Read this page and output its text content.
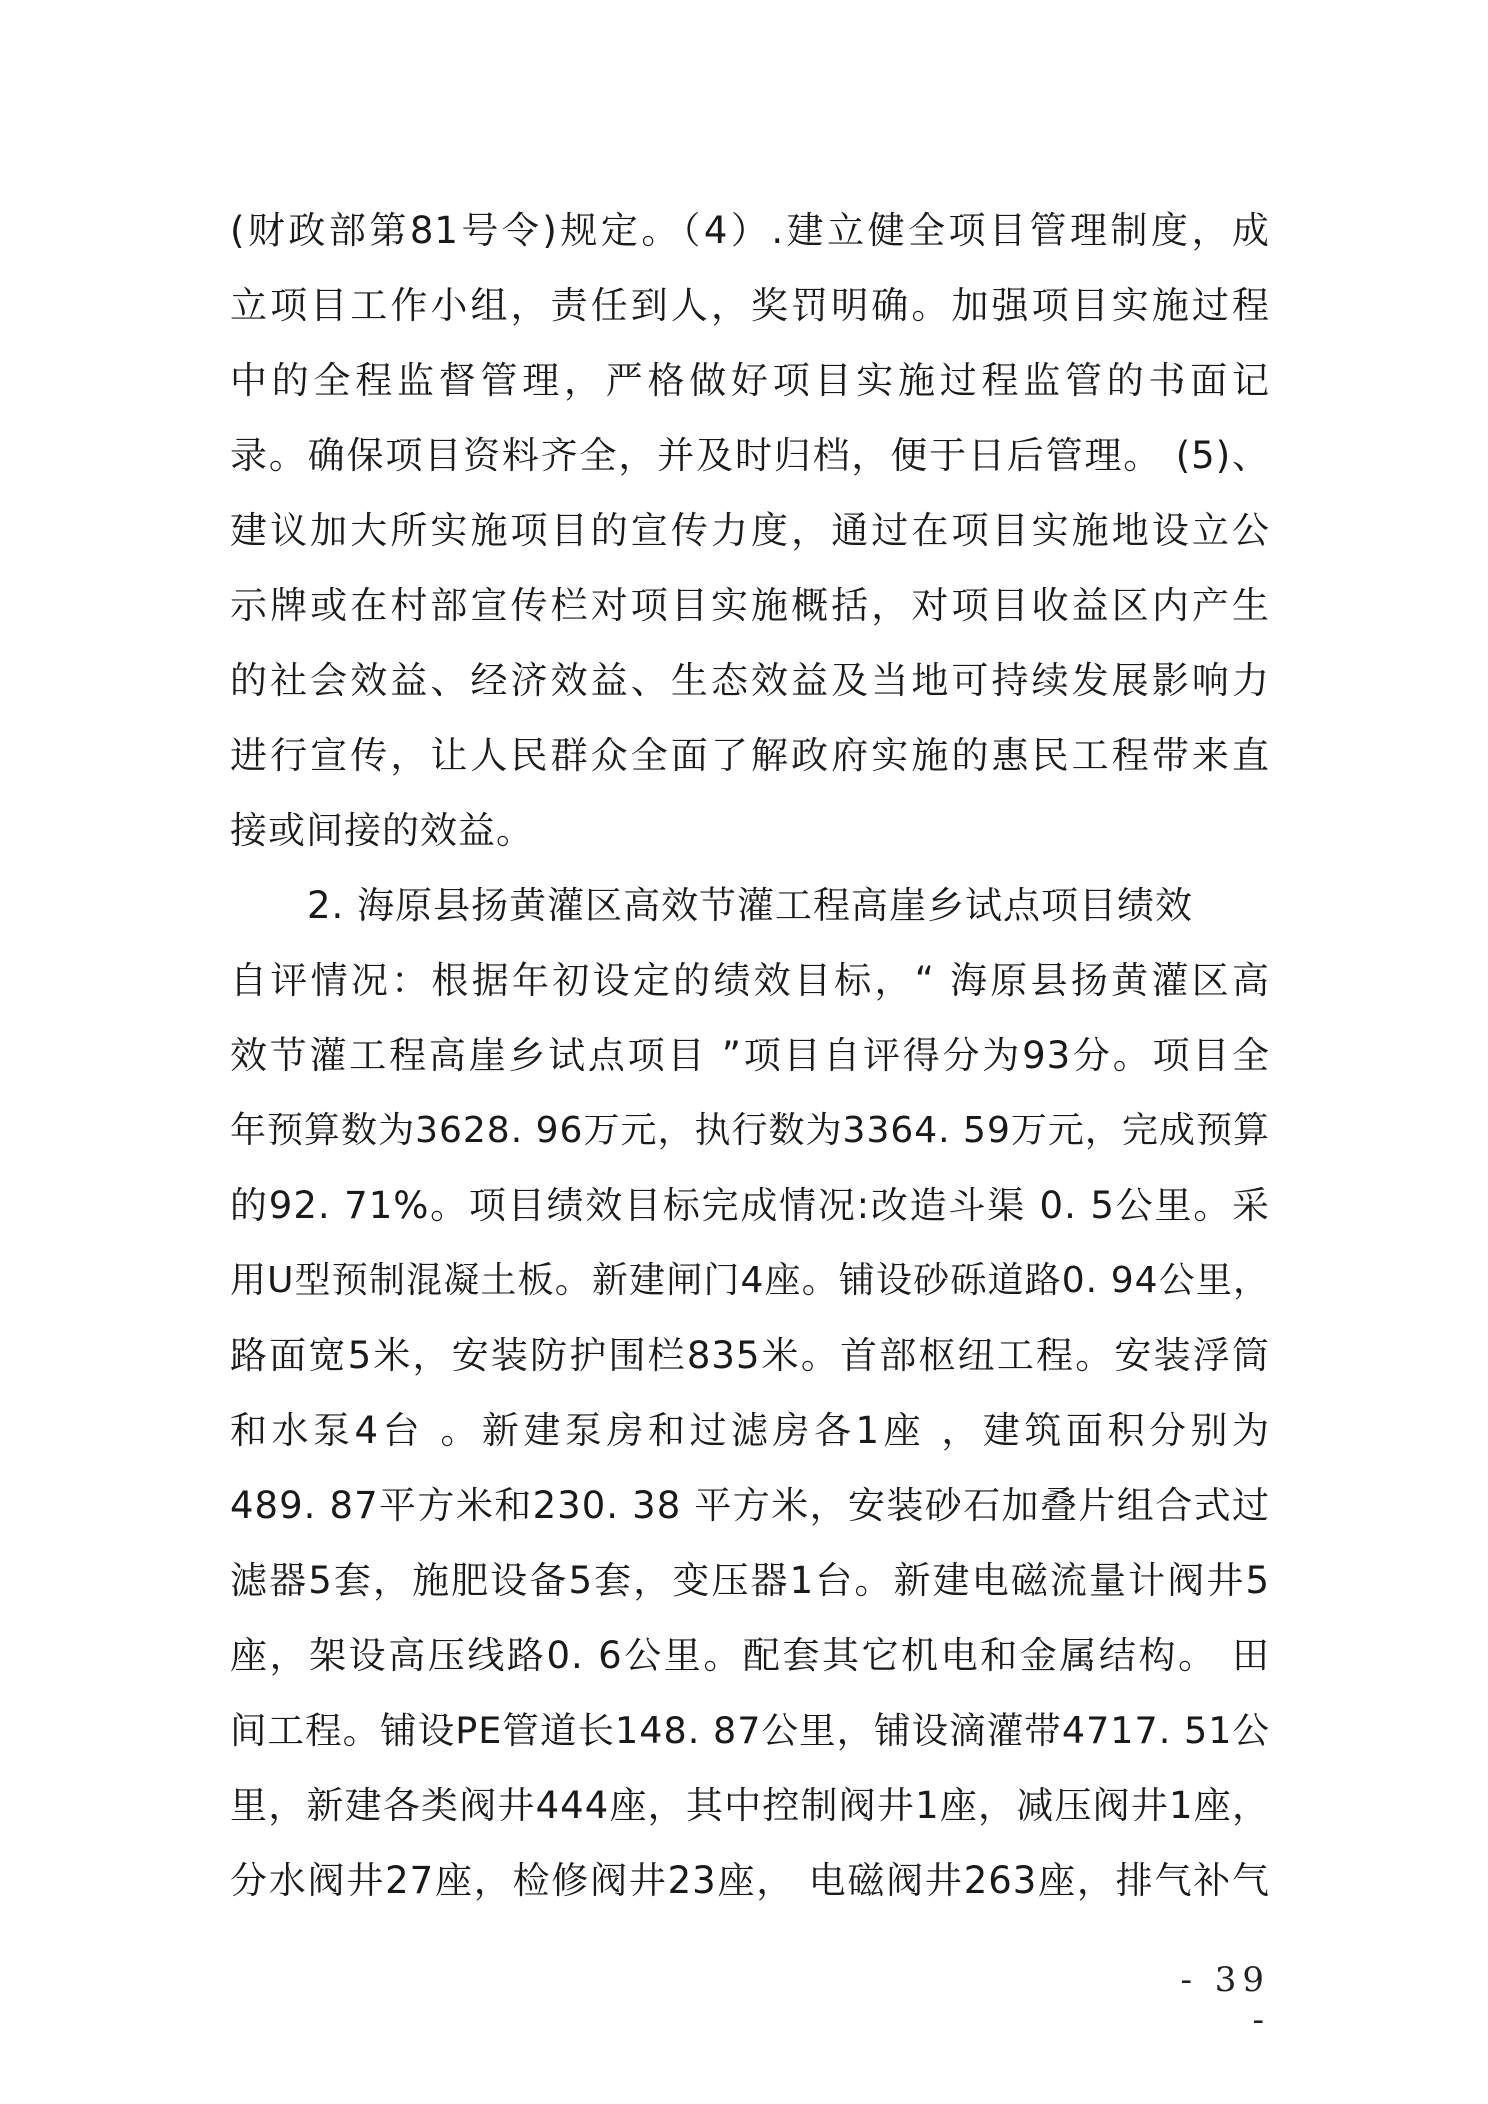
(财政部第81号令)规定。（4）.建立健全项目管理制度，成
立项目工作小组，责任到人，奖罚明确。加强项目实施过程
中的全程监督管理，严格做好项目实施过程监管的书面记
录。确保项目资料齐全，并及时归档，便于日后管理。 (5)、
建议加大所实施项目的宣传力度，通过在项目实施地设立公
示牌或在村部宣传栏对项目实施概括，对项目收益区内产生
的社会效益、经济效益、生态效益及当地可持续发展影响力
进行宣传，让人民群众全面了解政府实施的惠民工程带来直
接或间接的效益。
2. 海原县扬黄灌区高效节灌工程高崖乡试点项目绩效
自评情况：根据年初设定的绩效目标，“ 海原县扬黄灌区高
效节灌工程高崖乡试点项目 ”项目自评得分为93分。项目全
年预算数为3628. 96万元，执行数为3364. 59万元，完成预算
的92. 71%。项目绩效目标完成情况:改造斗渠 0. 5公里。采
用U型预制混凝土板。新建闸门4座。铺设砂砾道路0. 94公里，
路面宽5米，安装防护围栏835米。首部枢纽工程。安装浮筒
和水泵4台 。新建泵房和过滤房各1座 ，建筑面积分别为
489. 87平方米和230. 38 平方米，安装砂石加叠片组合式过
滤器5套，施肥设备5套，变压器1台。新建电磁流量计阀井5
座，架设高压线路0. 6公里。配套其它机电和金属结构。 田
间工程。铺设PE管道长148. 87公里，铺设滴灌带4717. 51公
里，新建各类阀井444座，其中控制阀井1座，减压阀井1座，
分水阀井27座，检修阀井23座， 电磁阀井263座，排气补气
- 39 -
